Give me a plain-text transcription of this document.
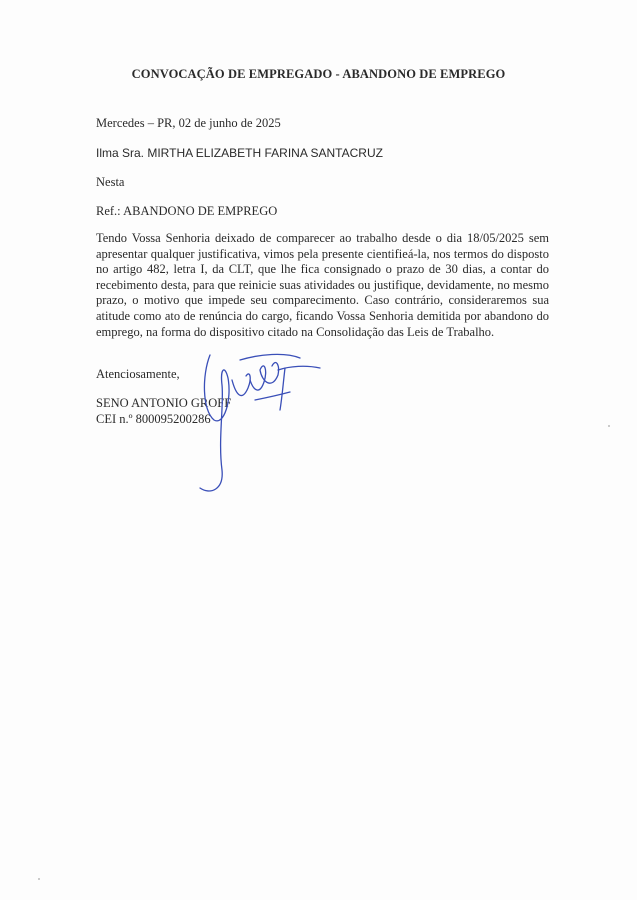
CONVOCAÇÃO DE EMPREGADO - ABANDONO DE EMPREGO
Mercedes – PR, 02 de junho de 2025
Ilma Sra. MIRTHA ELIZABETH FARINA SANTACRUZ
Nesta
Ref.: ABANDONO DE EMPREGO
Tendo Vossa Senhoria deixado de comparecer ao trabalho desde o dia 18/05/2025 sem apresentar qualquer justificativa, vimos pela presente cientifieá-la, nos termos do disposto no artigo 482, letra I, da CLT, que lhe fica consignado o prazo de 30 dias, a contar do recebimento desta, para que reinicie suas atividades ou justifique, devidamente, no mesmo prazo, o motivo que impede seu comparecimento. Caso contrário, consideraremos sua atitude como ato de renúncia do cargo, ficando Vossa Senhoria demitida por abandono do emprego, na forma do dispositivo citado na Consolidação das Leis de Trabalho.
Atenciosamente,
SENO ANTONIO GROFF
CEI n.º 800095200286
